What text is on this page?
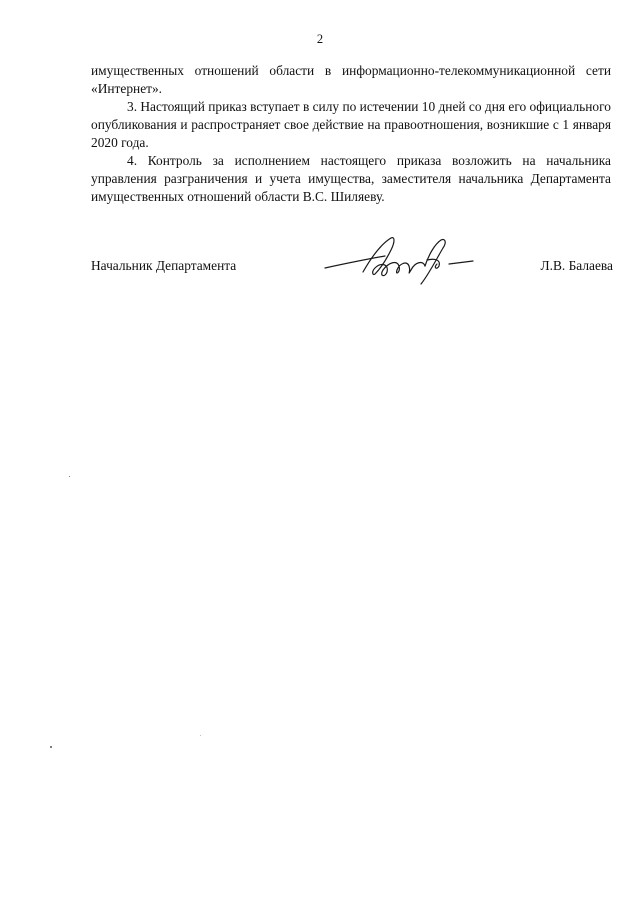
2

имущественных отношений области в информационно-телекоммуникационной сети «Интернет».

3. Настоящий приказ вступает в силу по истечении 10 дней со дня его официального опубликования и распространяет свое действие на правоотношения, возникшие с 1 января 2020 года.

4. Контроль за исполнением настоящего приказа возложить на начальника управления разграничения и учета имущества, заместителя начальника Департамента имущественных отношений области В.С. Шиляеву.

Начальник Департамента	Л.В. Балаева
